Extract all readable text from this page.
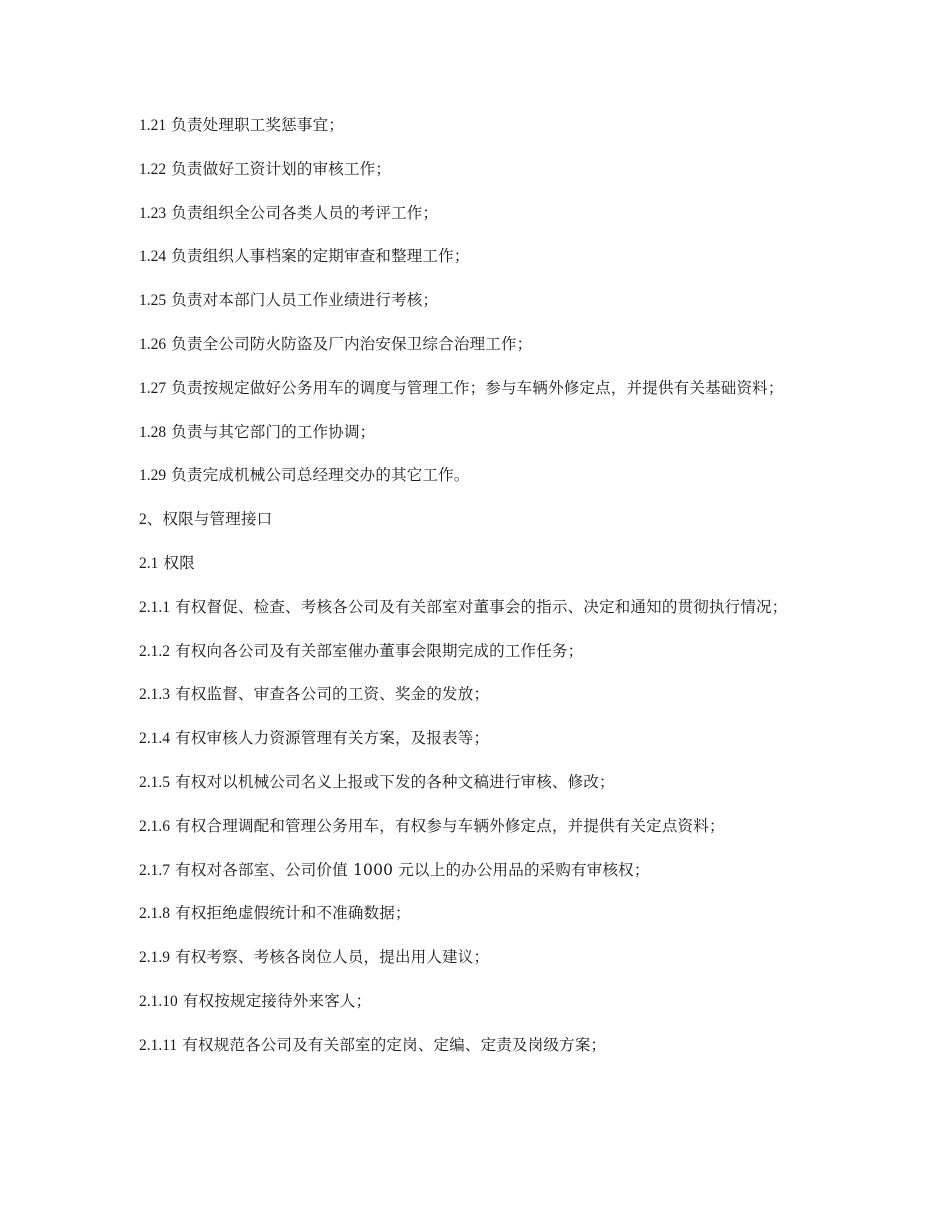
1.21 负责处理职工奖惩事宜；

1.22 负责做好工资计划的审核工作；

1.23 负责组织全公司各类人员的考评工作；

1.24 负责组织人事档案的定期审查和整理工作；

1.25 负责对本部门人员工作业绩进行考核；

1.26 负责全公司防火防盗及厂内治安保卫综合治理工作；

1.27 负责按规定做好公务用车的调度与管理工作；参与车辆外修定点，并提供有关基础资料；

1.28 负责与其它部门的工作协调；

1.29 负责完成机械公司总经理交办的其它工作。

2、权限与管理接口

2.1 权限

2.1.1 有权督促、检查、考核各公司及有关部室对董事会的指示、决定和通知的贯彻执行情况；

2.1.2 有权向各公司及有关部室催办董事会限期完成的工作任务；

2.1.3 有权监督、审查各公司的工资、奖金的发放；

2.1.4 有权审核人力资源管理有关方案，及报表等；

2.1.5 有权对以机械公司名义上报或下发的各种文稿进行审核、修改；

2.1.6 有权合理调配和管理公务用车，有权参与车辆外修定点，并提供有关定点资料；

2.1.7 有权对各部室、公司价值 1000 元以上的办公用品的采购有审核权；

2.1.8 有权拒绝虚假统计和不准确数据；

2.1.9 有权考察、考核各岗位人员，提出用人建议；

2.1.10 有权按规定接待外来客人；

2.1.11 有权规范各公司及有关部室的定岗、定编、定责及岗级方案；
